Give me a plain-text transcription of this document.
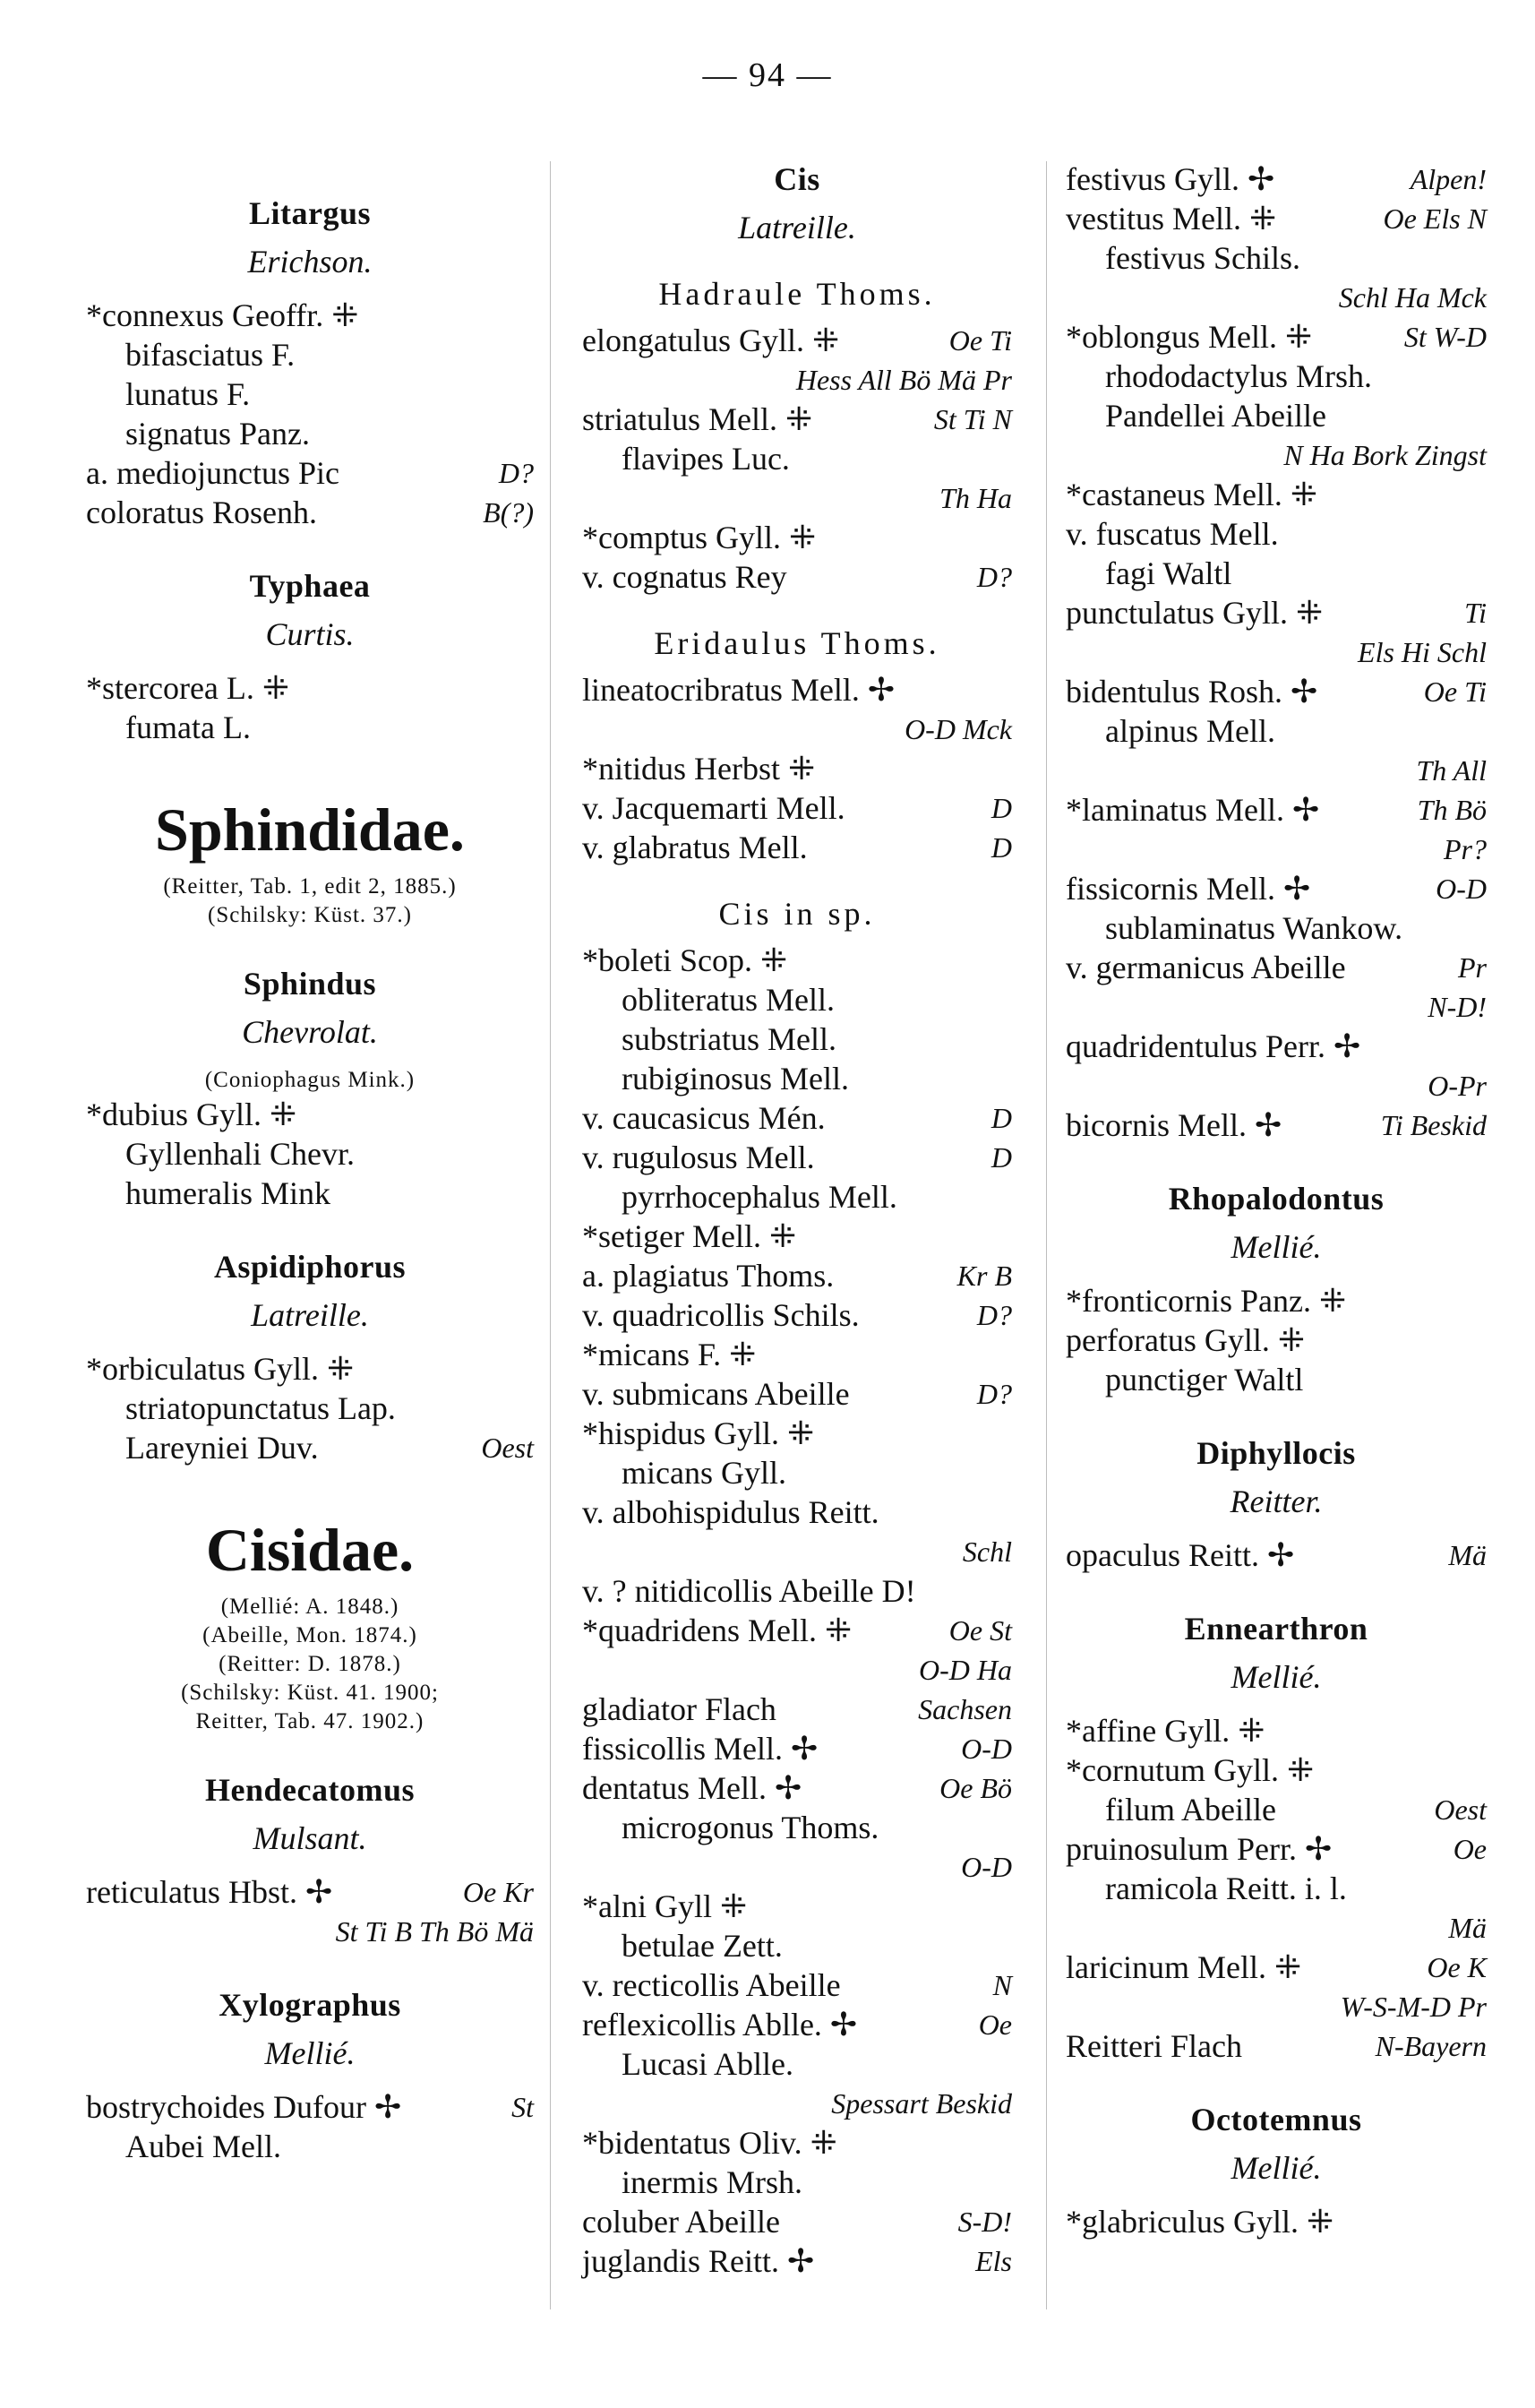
— 94 —
Litargus
Erichson.
*connexus Geoffr. ⁜
bifasciatus F.
lunatus F.
signatus Panz.
a. mediojunctus Pic	D?
coloratus Rosenh.	B(?)
Typhaea
Curtis.
*stercorea L. ⁜
fumata L.
Sphindidae.
(Reitter, Tab. 1, edit 2, 1885.)
(Schilsky: Küst. 37.)
Sphindus
Chevrolat.
(Coniophagus Mink.)
*dubius Gyll. ⁜
Gyllenhali Chevr.
humeralis Mink
Aspidiphorus
Latreille.
*orbiculatus Gyll. ⁜
striatopunctatus Lap.
Lareyniei Duv.	Oest
Cisidae.
(Mellié: A. 1848.)
(Abeille, Mon. 1874.)
(Reitter: D. 1878.)
(Schilsky: Küst. 41. 1900;
Reitter, Tab. 47. 1902.)
Hendecatomus
Mulsant.
reticulatus Hbst. ✢	Oe Kr
St Ti B Th Bö Mä
Xylographus
Mellié.
bostrychoides Dufour ✢	St
Aubei Mell.
Cis
Latreille.
Hadraule Thoms.
elongatulus Gyll. ⁜	Oe Ti
Hess All Bö Mä Pr
striatulus Mell. ⁜	St Ti N
flavipes Luc.
Th Ha
*comptus Gyll. ⁜
v. cognatus Rey	D?
Eridaulus Thoms.
lineatocribratus Mell. ✢
O-D Mck
*nitidus Herbst ⁜
v. Jacquemarti Mell.	D
v. glabratus Mell.	D
Cis in sp.
*boleti Scop. ⁜
obliteratus Mell.
substriatus Mell.
rubiginosus Mell.
v. caucasicus Mén.	D
v. rugulosus Mell.	D
pyrrhocephalus Mell.
*setiger Mell. ⁜
a. plagiatus Thoms.	Kr B
v. quadricollis Schils.	D?
*micans F. ⁜
v. submicans Abeille	D?
*hispidus Gyll. ⁜
micans Gyll.
v. albohispidulus Reitt.
Schl
v. ? nitidicollis Abeille D!
*quadridens Mell. ⁜	Oe St
O-D Ha
gladiator Flach	Sachsen
fissicollis Mell. ✢	O-D
dentatus Mell. ✢	Oe Bö
microgonus Thoms.
O-D
*alni Gyll ⁜
betulae Zett.
v. recticollis Abeille	N
reflexicollis Ablle. ✢	Oe
Lucasi Ablle.
Spessart Beskid
*bidentatus Oliv. ⁜
inermis Mrsh.
coluber Abeille	S-D!
juglandis Reitt. ✢	Els
festivus Gyll. ✢	Alpen!
vestitus Mell. ⁜	Oe Els N
festivus Schils.
Schl Ha Mck
*oblongus Mell. ⁜	St W-D
rhododactylus Mrsh.
Pandellei Abeille
N Ha Bork Zingst
*castaneus Mell. ⁜
v. fuscatus Mell.
fagi Waltl
punctulatus Gyll. ⁜	Ti
Els Hi Schl
bidentulus Rosh. ✢	Oe Ti
alpinus Mell.
Th All
*laminatus Mell. ✢	Th Bö
Pr?
fissicornis Mell. ✢	O-D
sublaminatus Wankow.
v. germanicus Abeille	Pr
N-D!
quadridentulus Perr. ✢
O-Pr
bicornis Mell. ✢	Ti Beskid
Rhopalodontus
Mellié.
*fronticornis Panz. ⁜
perforatus Gyll. ⁜
punctiger Waltl
Diphyllocis
Reitter.
opaculus Reitt. ✢	Mä
Ennearthron
Mellié.
*affine Gyll. ⁜
*cornutum Gyll. ⁜
filum Abeille	Oest
pruinosulum Perr. ✢	Oe
ramicola Reitt. i. l.
Mä
laricinum Mell. ⁜	Oe K
W-S-M-D Pr
Reitteri Flach	N-Bayern
Octotemnus
Mellié.
*glabriculus Gyll. ⁜
